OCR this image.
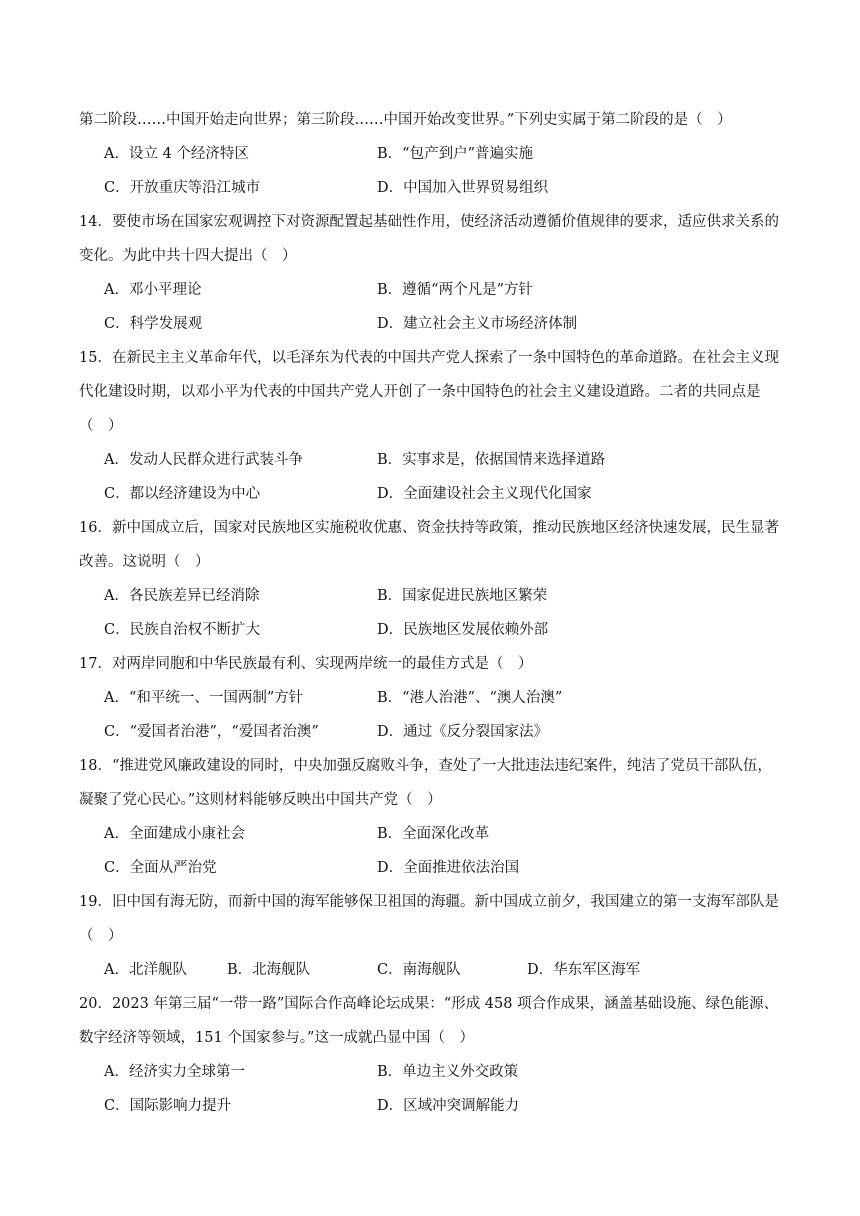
第二阶段……中国开始走向世界；第三阶段……中国开始改变世界。”下列史实属于第二阶段的是（　）
A．设立 4 个经济特区	B．“包产到户”普遍实施
C．开放重庆等沿江城市	D．中国加入世界贸易组织
14．要使市场在国家宏观调控下对资源配置起基础性作用，使经济活动遵循价值规律的要求，适应供求关系的变化。为此中共十四大提出（　）
A．邓小平理论	B．遵循“两个凡是”方针
C．科学发展观	D．建立社会主义市场经济体制
15．在新民主主义革命年代，以毛泽东为代表的中国共产党人探索了一条中国特色的革命道路。在社会主义现代化建设时期，以邓小平为代表的中国共产党人开创了一条中国特色的社会主义建设道路。二者的共同点是（　）
A．发动人民群众进行武装斗争	B．实事求是，依据国情来选择道路
C．都以经济建设为中心	D．全面建设社会主义现代化国家
16．新中国成立后，国家对民族地区实施税收优惠、资金扶持等政策，推动民族地区经济快速发展，民生显著改善。这说明（　）
A．各民族差异已经消除	B．国家促进民族地区繁荣
C．民族自治权不断扩大	D．民族地区发展依赖外部
17．对两岸同胞和中华民族最有利、实现两岸统一的最佳方式是（　）
A．“和平统一、一国两制”方针	B．“港人治港”、“澳人治澳”
C．“爱国者治港”，“爱国者治澳”	D．通过《反分裂国家法》
18．“推进党风廉政建设的同时，中央加强反腐败斗争，查处了一大批违法违纪案件，纯洁了党员干部队伍，凝聚了党心民心。”这则材料能够反映出中国共产党（　）
A．全面建成小康社会	B．全面深化改革
C．全面从严治党	D．全面推进依法治国
19．旧中国有海无防，而新中国的海军能够保卫祖国的海疆。新中国成立前夕，我国建立的第一支海军部队是（　）
A．北洋舰队	B．北海舰队	C．南海舰队	D．华东军区海军
20．2023 年第三届“一带一路”国际合作高峰论坛成果：“形成 458 项合作成果，涵盖基础设施、绿色能源、数字经济等领域，151 个国家参与。”这一成就凸显中国（　）
A．经济实力全球第一	B．单边主义外交政策
C．国际影响力提升	D．区域冲突调解能力
